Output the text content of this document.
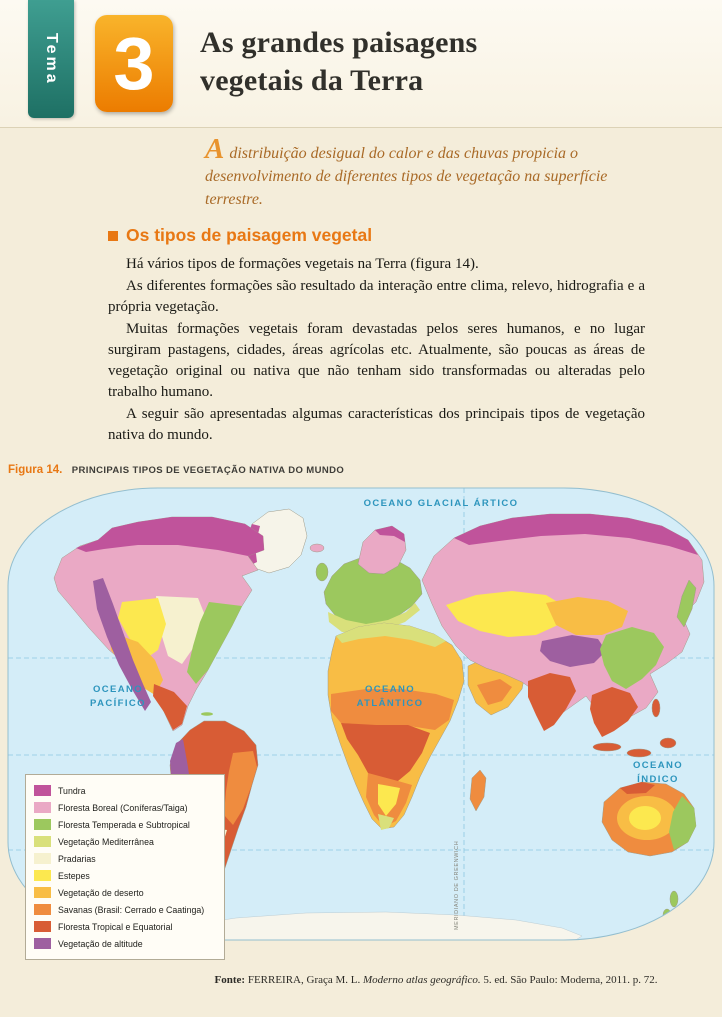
Tema 3 As grandes paisagens
vegetais da Terra

A distribuição desigual do calor e das chuvas propicia o desenvolvimento de diferentes tipos de vegetação na superfície terrestre.

Os tipos de paisagem vegetal

Há vários tipos de formações vegetais na Terra (figura 14).

As diferentes formações são resultado da interação entre clima, relevo, hidrografia e a própria vegetação.

Muitas formações vegetais foram devastadas pelos seres humanos, e no lugar surgiram pastagens, cidades, áreas agrícolas etc. Atualmente, são poucas as áreas de vegetação original ou nativa que não tenham sido transformadas ou alteradas pelo trabalho humano.

A seguir são apresentadas algumas características dos principais tipos de vegetação nativa do mundo.

Figura 14. PRINCIPAIS TIPOS DE VEGETAÇÃO NATIVA DO MUNDO
OCEANO GLACIAL ÁRTICO
OCEANO
PACÍFICO
OCEANO
ATLÂNTICO
OCEANO
ÍNDICO
MERIDIANO DE GREENWICH
Tundra
Floresta Boreal (Coníferas/Taiga)
Floresta Temperada e Subtropical
Vegetação Mediterrânea
Pradarias
Estepes
Vegetação de deserto
Savanas (Brasil: Cerrado e Caatinga)
Floresta Tropical e Equatorial
Vegetação de altitude

Fonte: FERREIRA, Graça M. L. Moderno atlas geográfico. 5. ed. São Paulo: Moderna, 2011. p. 72.
